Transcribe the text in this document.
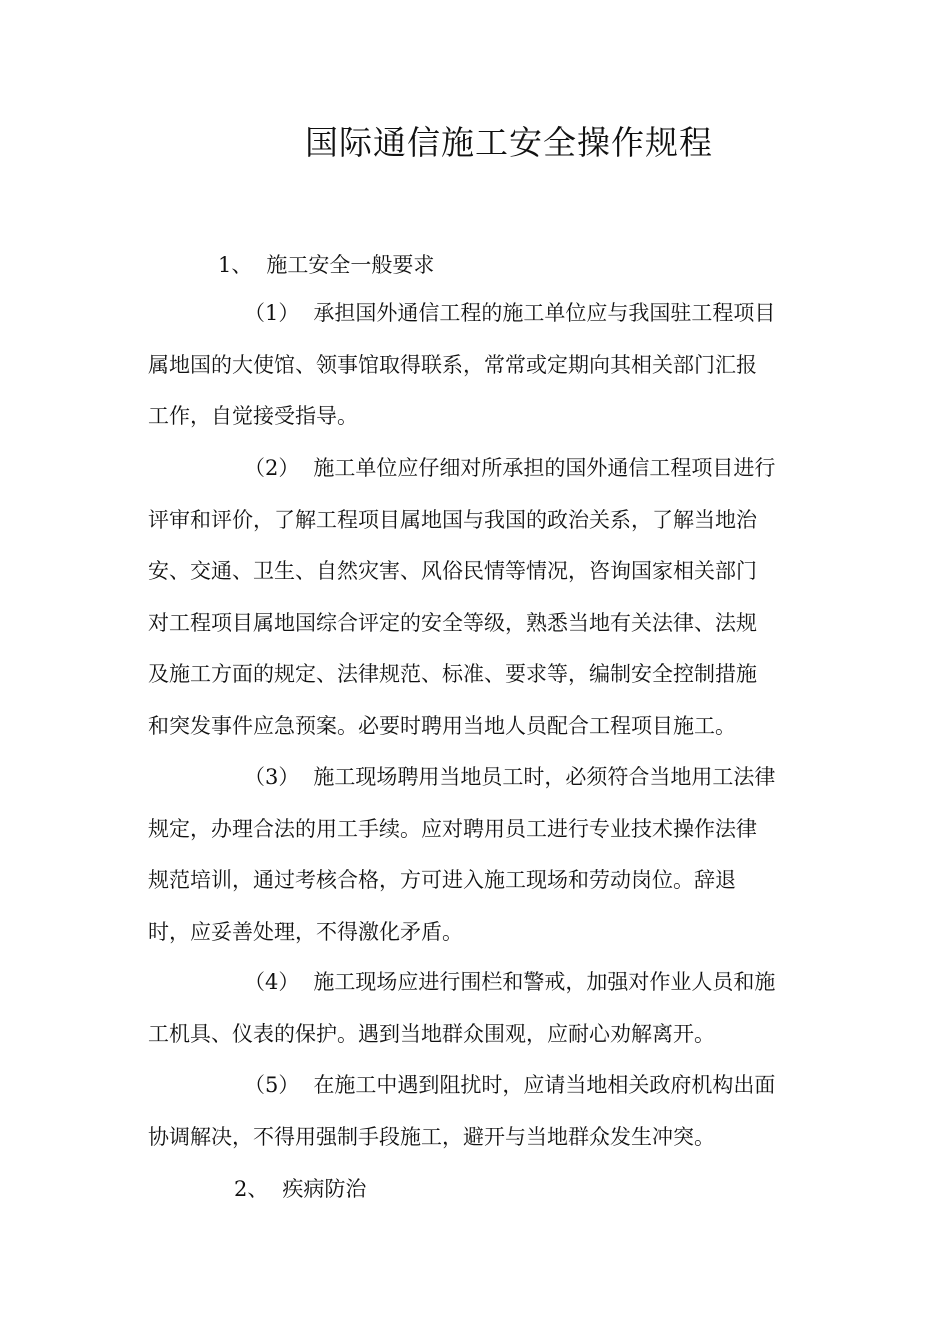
国际通信施工安全操作规程
1、 施工安全一般要求
（1） 承担国外通信工程的施工单位应与我国驻工程项目
属地国的大使馆、领事馆取得联系，常常或定期向其相关部门汇报
工作，自觉接受指导。
（2） 施工单位应仔细对所承担的国外通信工程项目进行
评审和评价，了解工程项目属地国与我国的政治关系，了解当地治
安、交通、卫生、自然灾害、风俗民情等情况，咨询国家相关部门
对工程项目属地国综合评定的安全等级，熟悉当地有关法律、法规
及施工方面的规定、法律规范、标准、要求等，编制安全控制措施
和突发事件应急预案。必要时聘用当地人员配合工程项目施工。
（3） 施工现场聘用当地员工时，必须符合当地用工法律
规定，办理合法的用工手续。应对聘用员工进行专业技术操作法律
规范培训，通过考核合格，方可进入施工现场和劳动岗位。辞退
时，应妥善处理，不得激化矛盾。
（4） 施工现场应进行围栏和警戒，加强对作业人员和施
工机具、仪表的保护。遇到当地群众围观，应耐心劝解离开。
（5） 在施工中遇到阻扰时，应请当地相关政府机构出面
协调解决，不得用强制手段施工，避开与当地群众发生冲突。
2、 疾病防治
